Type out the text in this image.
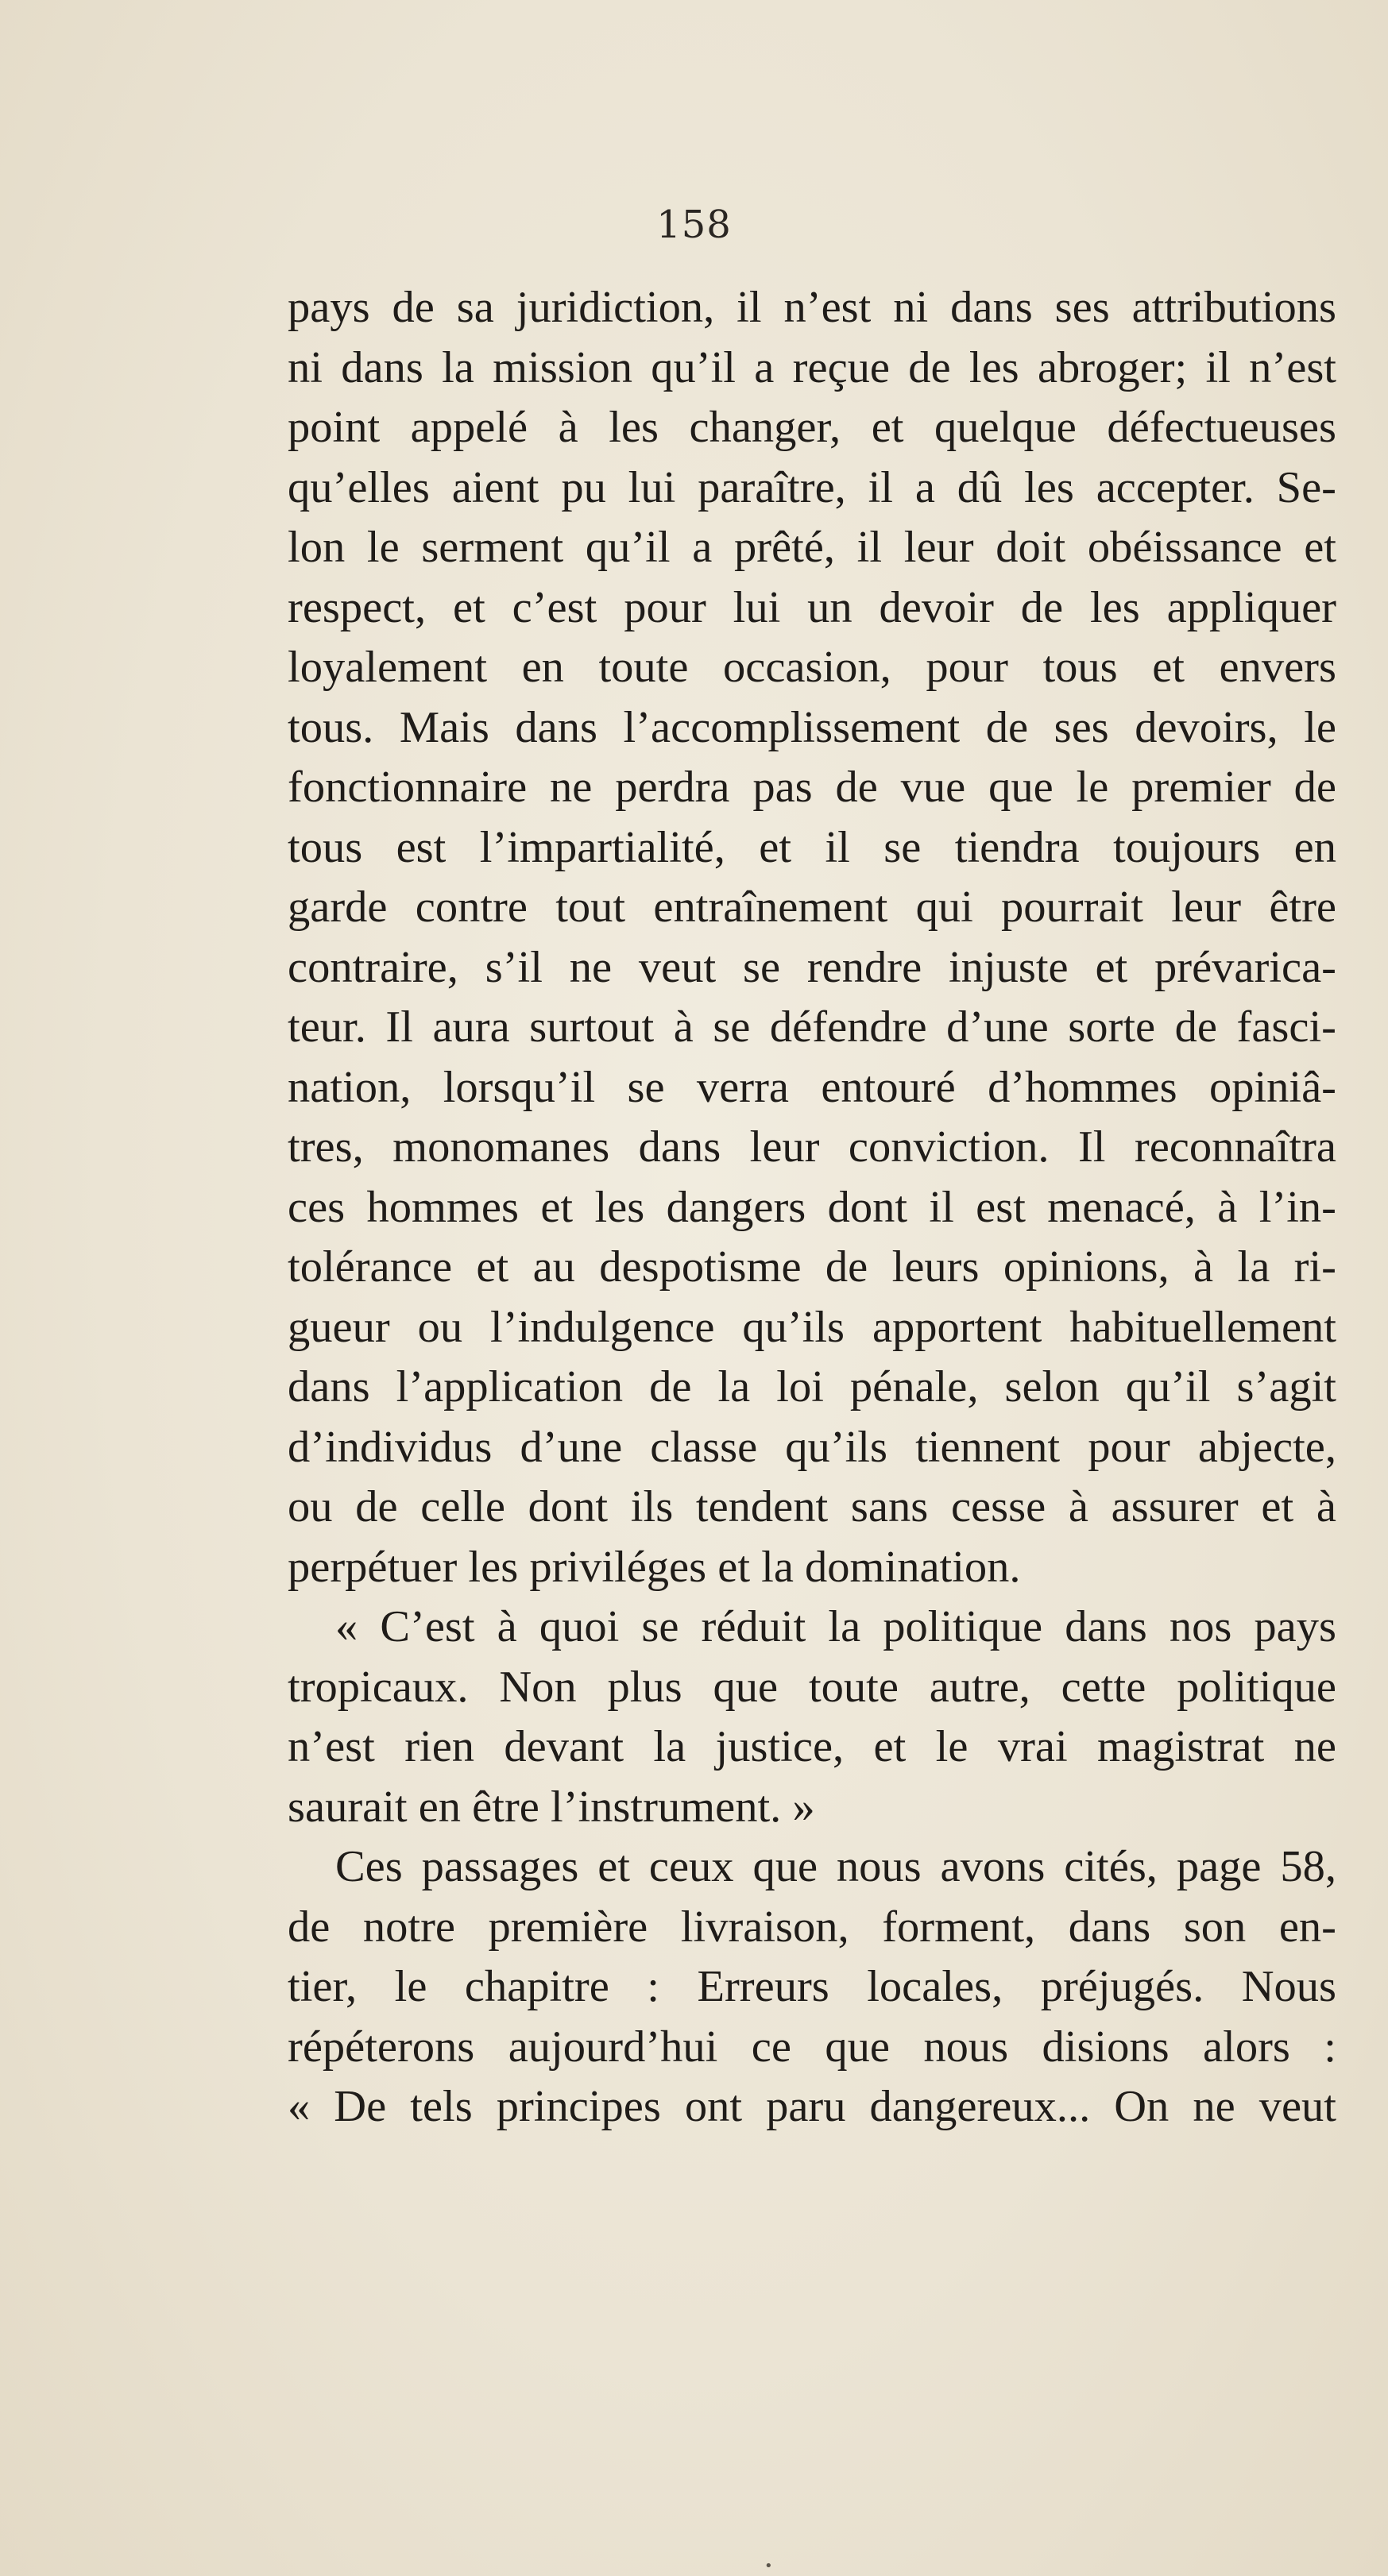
158
pays de sa juridiction, il n’est ni dans ses attributions
ni dans la mission qu’il a reçue de les abroger; il n’est
point appelé à les changer, et quelque défectueuses
qu’elles aient pu lui paraître, il a dû les accepter. Se-
lon le serment qu’il a prêté, il leur doit obéissance et
respect, et c’est pour lui un devoir de les appliquer
loyalement en toute occasion, pour tous et envers
tous. Mais dans l’accomplissement de ses devoirs, le
fonctionnaire ne perdra pas de vue que le premier de
tous est l’impartialité, et il se tiendra toujours en
garde contre tout entraînement qui pourrait leur être
contraire, s’il ne veut se rendre injuste et prévarica-
teur. Il aura surtout à se défendre d’une sorte de fasci-
nation, lorsqu’il se verra entouré d’hommes opiniâ-
tres, monomanes dans leur conviction. Il reconnaîtra
ces hommes et les dangers dont il est menacé, à l’in-
tolérance et au despotisme de leurs opinions, à la ri-
gueur ou l’indulgence qu’ils apportent habituellement
dans l’application de la loi pénale, selon qu’il s’agit
d’individus d’une classe qu’ils tiennent pour abjecte,
ou de celle dont ils tendent sans cesse à assurer et à
perpétuer les priviléges et la domination.
« C’est à quoi se réduit la politique dans nos pays
tropicaux. Non plus que toute autre, cette politique
n’est rien devant la justice, et le vrai magistrat ne
saurait en être l’instrument. »
Ces passages et ceux que nous avons cités, page 58,
de notre première livraison, forment, dans son en-
tier, le chapitre : Erreurs locales, préjugés. Nous
répéterons aujourd’hui ce que nous disions alors :
« De tels principes ont paru dangereux... On ne veut
•
